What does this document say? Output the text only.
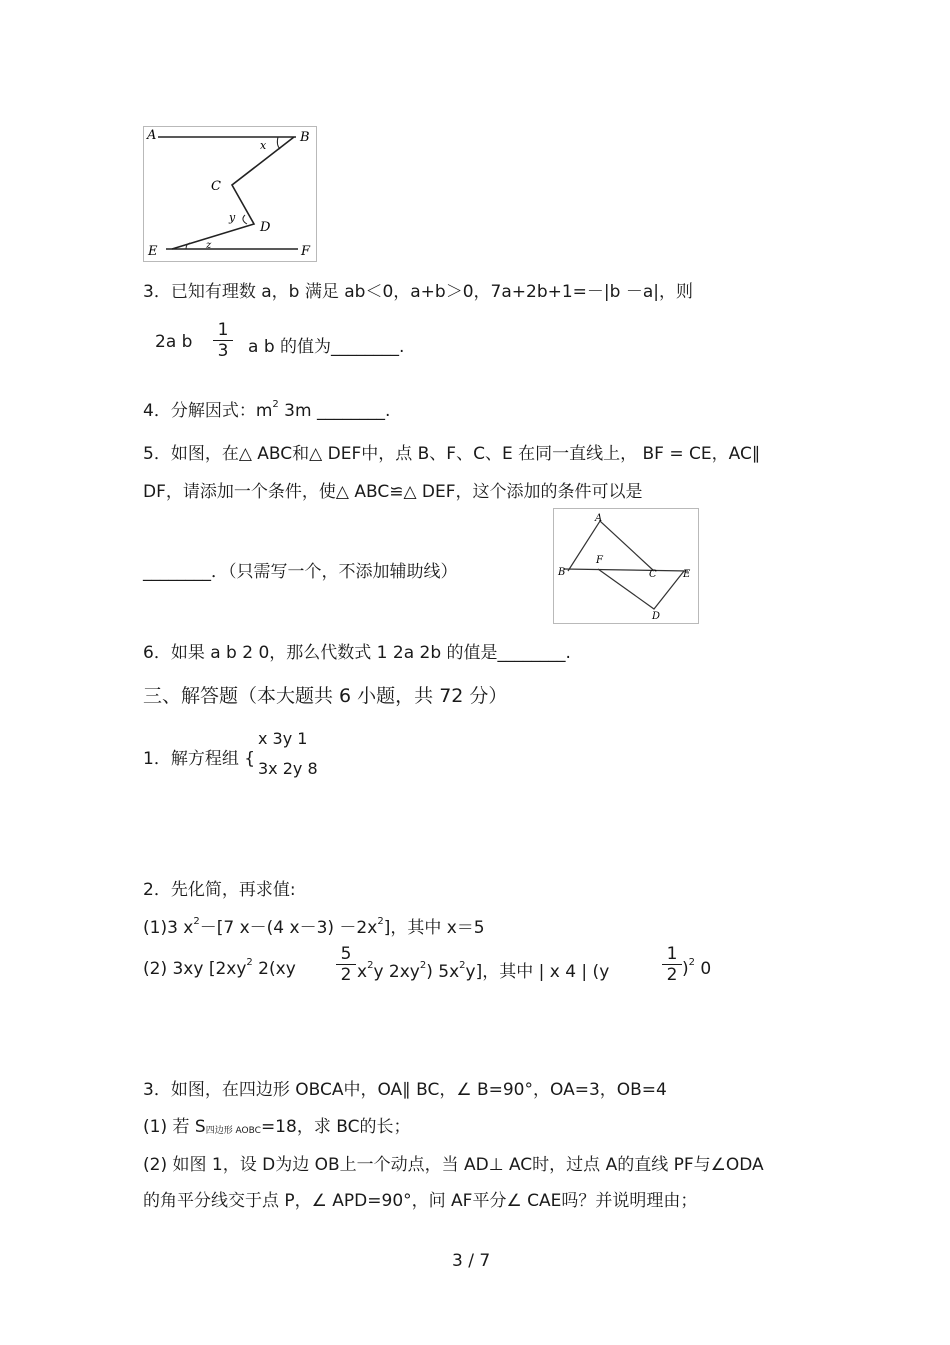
A	B
C
D
E	F
x
y
z
3．已知有理数 a，b 满足 ab＜0，a+b＞0，7a+2b+1=－|b －a|，则
2a b $\frac{1}{3}$ a b 的值为________.
4．分解因式：$m^2$ 3m ________.
5．如图，在△ ABC和△ DEF中，点 B、F、C、E 在同一直线上， BF = CE，AC∥
DF，请添加一个条件，使△ ABC≌△ DEF，这个添加的条件可以是
________．（只需写一个，不添加辅助线）
A
B
F
C	E
D
6．如果 a b 2 0，那么代数式 1 2a 2b 的值是________.
三、解答题（本大题共 6 小题，共 72 分）
1．解方程组 {
x 3y 1
3x 2y 8
2．先化简，再求值:
(1)3 $x^2-[7$ x－(4 $x-3) -2x^2$]，其中 x＝5
(2) 3xy [$2xy^2$ $2(xy \frac{5}{2} x^2y$ $2xy^2$) $5x^2y$]，其中 | x 4 | (y	$\frac{1}{2} )^2$ 0
3．如图，在四边形 OBCA中，OA∥ BC，∠ B=90°，OA=3，OB=4
(1) 若 $S_{四边形 AOBC}=18$，求 BC的长；
(2) 如图 1，设 D为边 OB上一个动点，当 AD⊥ AC时，过点 A的直线 PF与∠ODA
的角平分线交于点 P，∠ APD=90°，问 AF平分∠ CAE吗？并说明理由；
3 / 7
